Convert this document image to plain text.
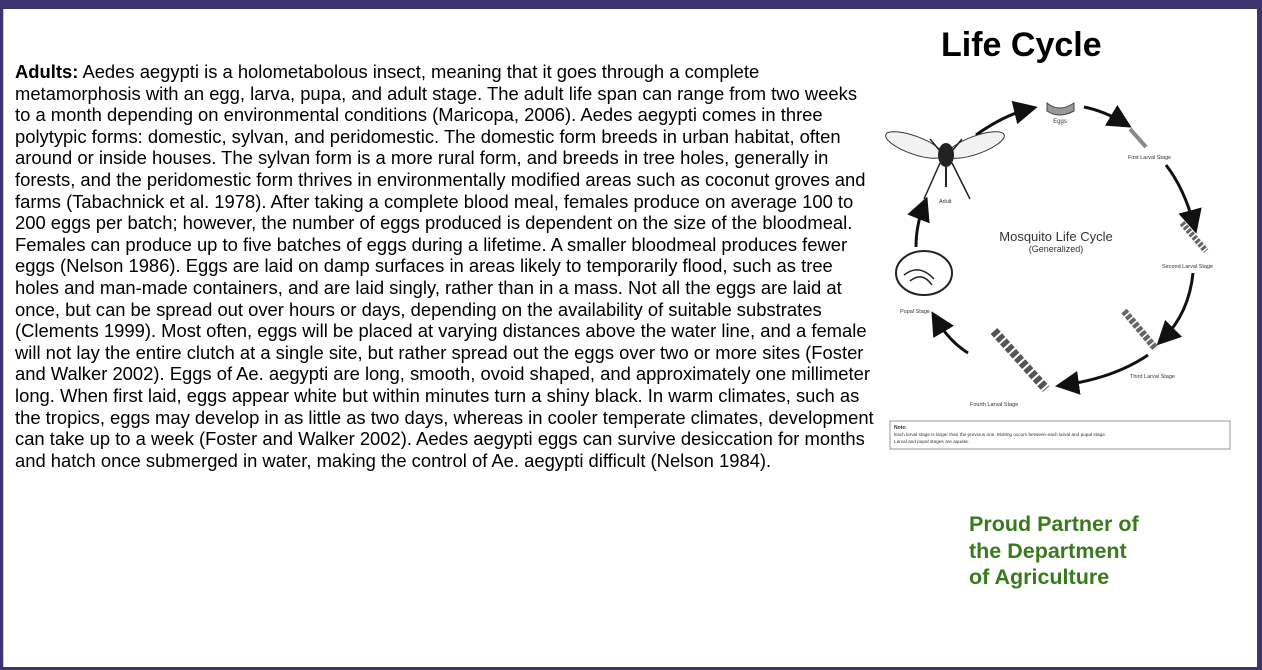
Adults: Aedes aegypti is a holometabolous insect, meaning that it goes through a complete metamorphosis with an egg, larva, pupa, and adult stage. The adult life span can range from two weeks to a month depending on environmental conditions (Maricopa, 2006). Aedes aegypti comes in three polytypic forms: domestic, sylvan, and peridomestic. The domestic form breeds in urban habitat, often around or inside houses. The sylvan form is a more rural form, and breeds in tree holes, generally in forests, and the peridomestic form thrives in environmentally modified areas such as coconut groves and farms (Tabachnick et al. 1978). After taking a complete blood meal, females produce on average 100 to 200 eggs per batch; however, the number of eggs produced is dependent on the size of the bloodmeal. Females can produce up to five batches of eggs during a lifetime. A smaller bloodmeal produces fewer eggs (Nelson 1986). Eggs are laid on damp surfaces in areas likely to temporarily flood, such as tree holes and man-made containers, and are laid singly, rather than in a mass. Not all the eggs are laid at once, but can be spread out over hours or days, depending on the availability of suitable substrates (Clements 1999). Most often, eggs will be placed at varying distances above the water line, and a female will not lay the entire clutch at a single site, but rather spread out the eggs over two or more sites (Foster and Walker 2002). Eggs of Ae. aegypti are long, smooth, ovoid shaped, and approximately one millimeter long. When first laid, eggs appear white but within minutes turn a shiny black. In warm climates, such as the tropics, eggs may develop in as little as two days, whereas in cooler temperate climates, development can take up to a week (Foster and Walker 2002). Aedes aegypti eggs can survive desiccation for months and hatch once submerged in water, making the control of Ae. aegypti difficult (Nelson 1984).

Life Cycle
Eggs
First Larval Stage
Second Larval Stage
Third Larval Stage
Fourth Larval Stage
Pupal Stage
Adult
Mosquito Life Cycle
(Generalized)
Note:
Each larval stage is larger than the previous one. Molting occurs between each larval and pupal stage.
Larval and pupal stages are aquatic.
Proud Partner of
the Department
of Agriculture
